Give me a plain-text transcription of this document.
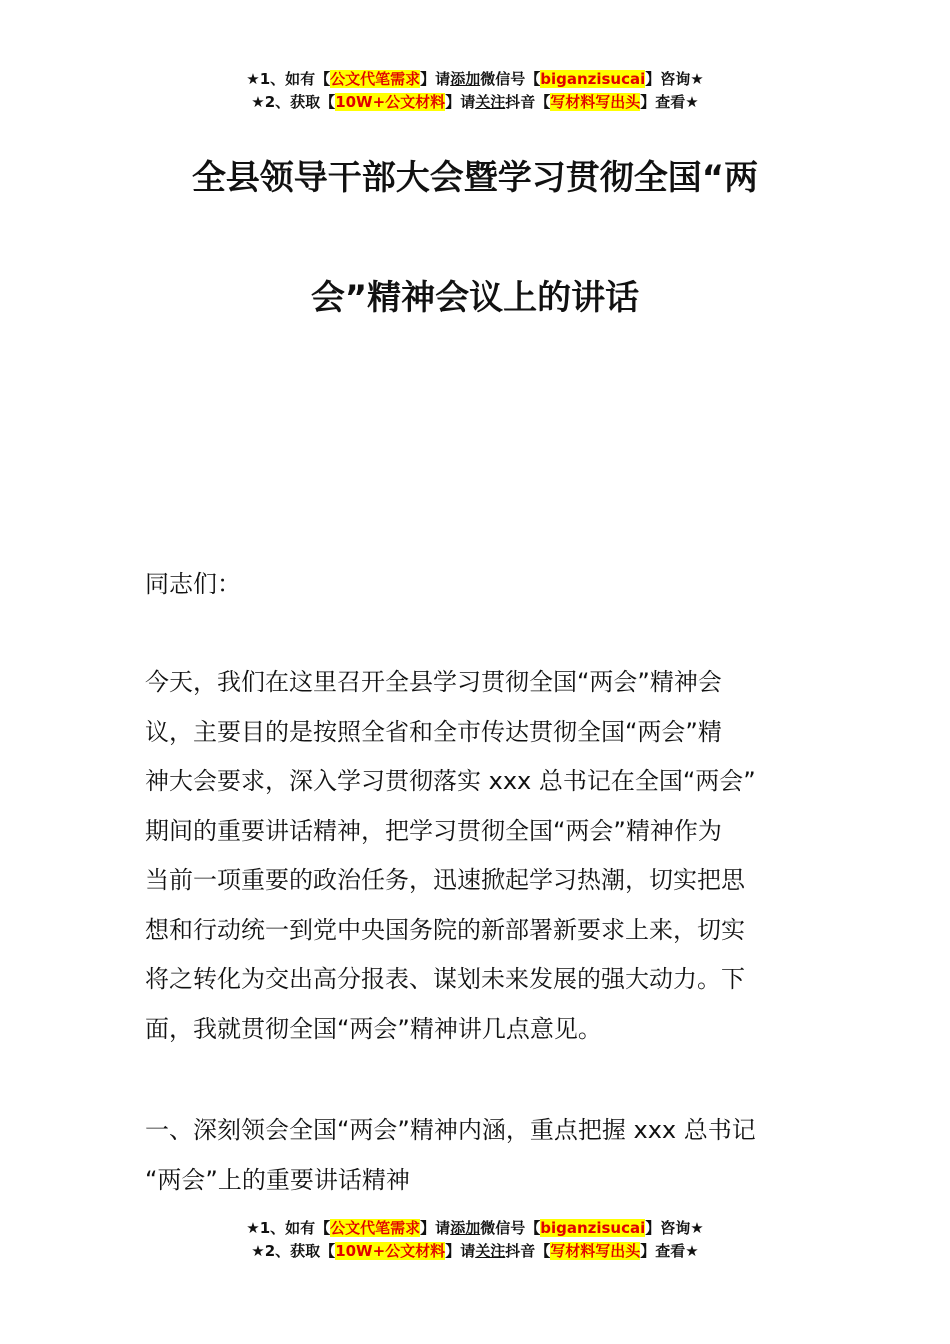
★1、如有【公文代笔需求】请添加微信号【biganzisucai】咨询★
★2、获取【10W+公文材料】请关注抖音【写材料写出头】查看★
全县领导干部大会暨学习贯彻全国“两
会”精神会议上的讲话

同志们：

今天，我们在这里召开全县学习贯彻全国“两会”精神会
议，主要目的是按照全省和全市传达贯彻全国“两会”精
神大会要求，深入学习贯彻落实 xxx 总书记在全国“两会”
期间的重要讲话精神，把学习贯彻全国“两会”精神作为
当前一项重要的政治任务，迅速掀起学习热潮，切实把思
想和行动统一到党中央国务院的新部署新要求上来，切实
将之转化为交出高分报表、谋划未来发展的强大动力。下
面，我就贯彻全国“两会”精神讲几点意见。
一、深刻领会全国“两会”精神内涵，重点把握 xxx 总书记
“两会”上的重要讲话精神
★1、如有【公文代笔需求】请添加微信号【biganzisucai】咨询★
★2、获取【10W+公文材料】请关注抖音【写材料写出头】查看★
